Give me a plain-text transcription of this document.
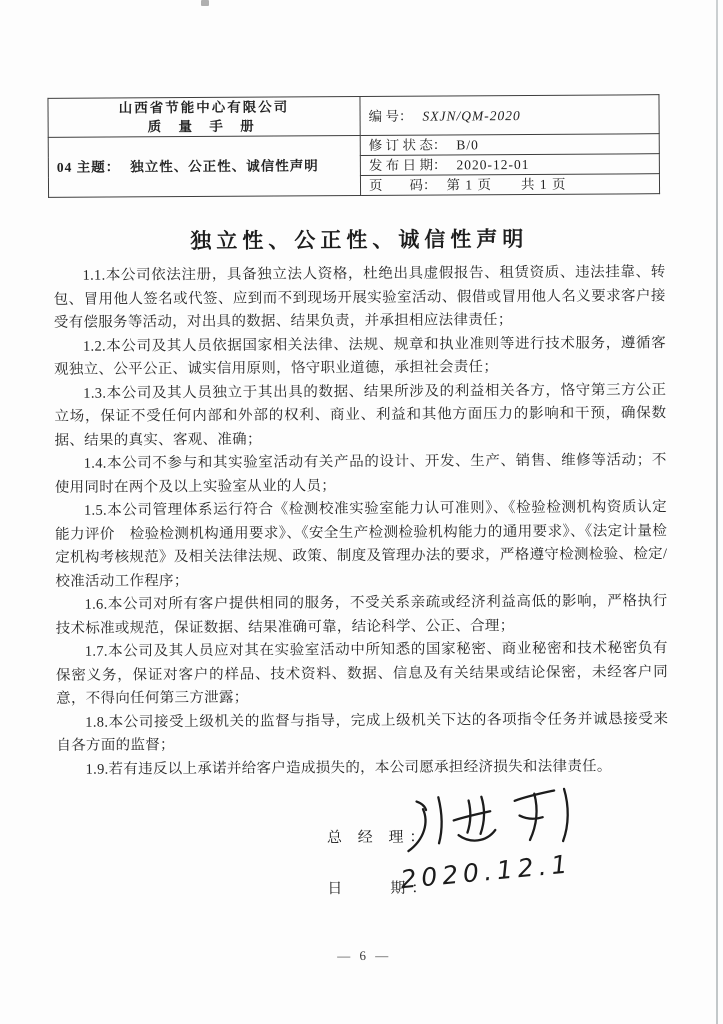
山西省节能中心有限公司
质 量 手 册	编 号： SXJN/QM-2020
04 主题： 独立性、公正性、诚信性声明	修 订 状 态： B/0
	发 布 日 期： 2020-12-01
	页　　码： 第 1 页　　共 1 页
独立性、公正性、诚信性声明

1.1.本公司依法注册，具备独立法人资格，杜绝出具虚假报告、租赁资质、违法挂靠、转包、冒用他人签名或代签、应到而不到现场开展实验室活动、假借或冒用他人名义要求客户接受有偿服务等活动，对出具的数据、结果负责，并承担相应法律责任；

1.2.本公司及其人员依据国家相关法律、法规、规章和执业准则等进行技术服务，遵循客观独立、公平公正、诚实信用原则，恪守职业道德，承担社会责任；

1.3.本公司及其人员独立于其出具的数据、结果所涉及的利益相关各方，恪守第三方公正立场，保证不受任何内部和外部的权利、商业、利益和其他方面压力的影响和干预，确保数据、结果的真实、客观、准确；

1.4.本公司不参与和其实验室活动有关产品的设计、开发、生产、销售、维修等活动；不使用同时在两个及以上实验室从业的人员；

1.5.本公司管理体系运行符合《检测校准实验室能力认可准则》、《检验检测机构资质认定能力评价　检验检测机构通用要求》、《安全生产检测检验机构能力的通用要求》、《法定计量检定机构考核规范》及相关法律法规、政策、制度及管理办法的要求，严格遵守检测检验、检定/校准活动工作程序；

1.6.本公司对所有客户提供相同的服务，不受关系亲疏或经济利益高低的影响，严格执行技术标准或规范，保证数据、结果准确可靠，结论科学、公正、合理；

1.7.本公司及其人员应对其在实验室活动中所知悉的国家秘密、商业秘密和技术秘密负有保密义务，保证对客户的样品、技术资料、数据、信息及有关结果或结论保密，未经客户同意，不得向任何第三方泄露；

1.8.本公司接受上级机关的监督与指导，完成上级机关下达的各项指令任务并诚恳接受来自各方面的监督；

1.9.若有违反以上承诺并给客户造成损失的，本公司愿承担经济损失和法律责任。

总 经 理：
日　　期：
2020.12.1
— 6 —
